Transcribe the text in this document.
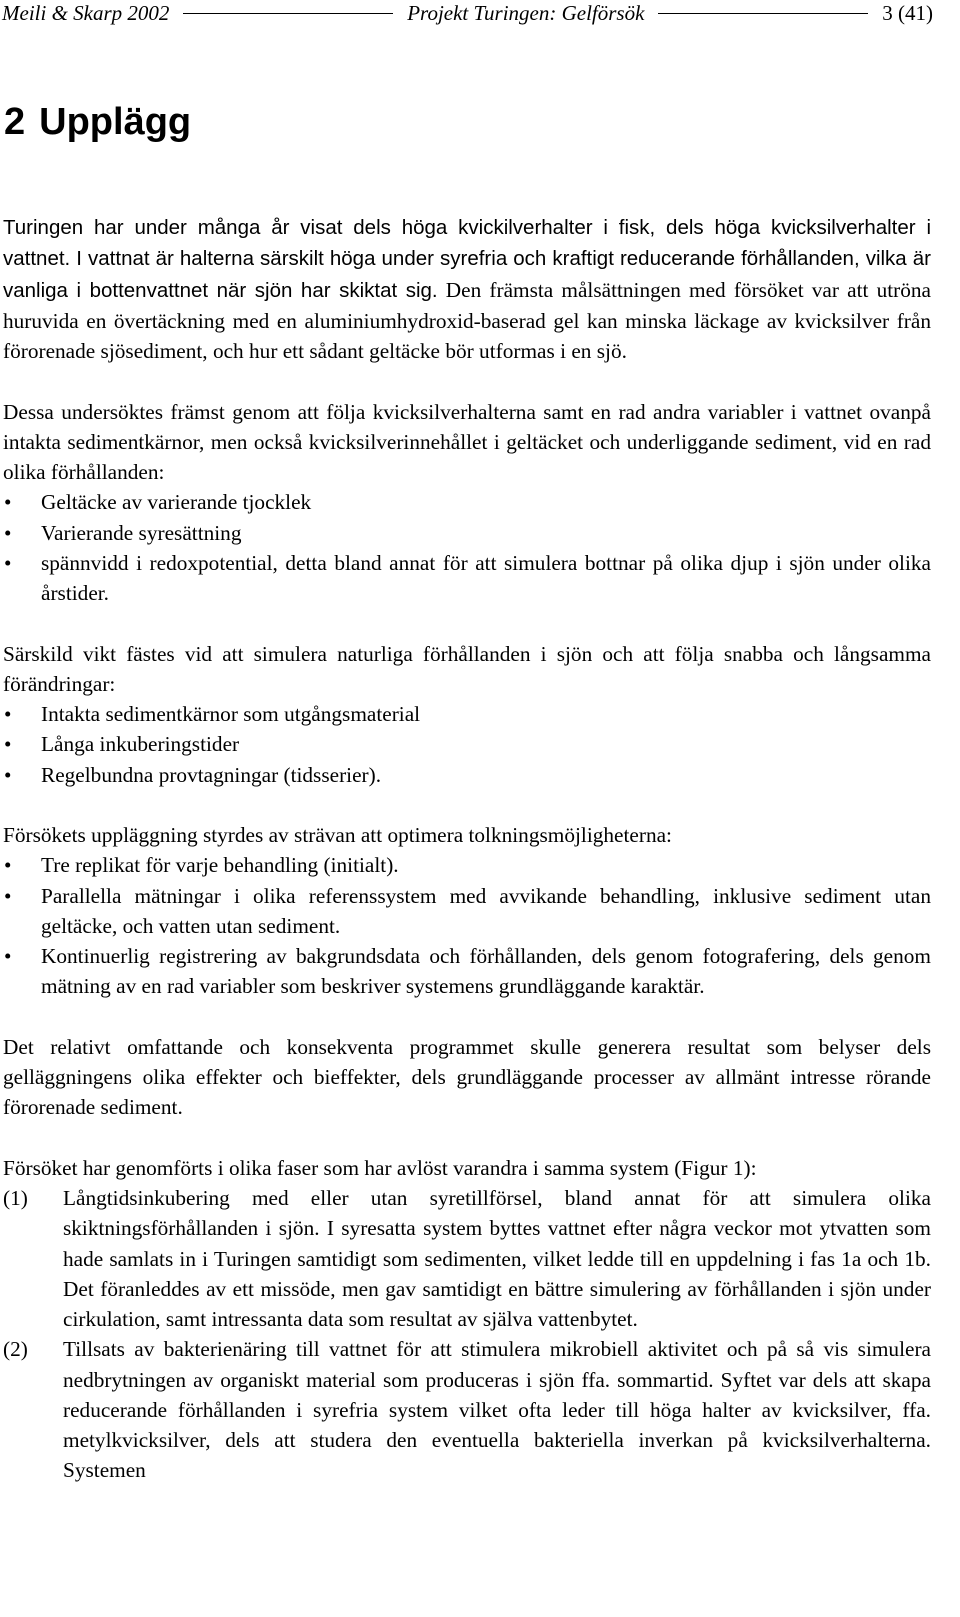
Meili & Skarp 2002	Projekt Turingen: Gelförsök	3 (41)
2 Upplägg

Turingen har under många år visat dels höga kvickilverhalter i fisk, dels höga kvicksilverhalter i vattnet. I vattnat är halterna särskilt höga under syrefria och kraftigt reducerande förhållanden, vilka är vanliga i bottenvattnet när sjön har skiktat sig. Den främsta målsättningen med försöket var att utröna huruvida en övertäckning med en aluminiumhydroxid-baserad gel kan minska läckage av kvicksilver från förorenade sjösediment, och hur ett sådant geltäcke bör utformas i en sjö.

Dessa undersöktes främst genom att följa kvicksilverhalterna samt en rad andra variabler i vattnet ovanpå intakta sedimentkärnor, men också kvicksilverinnehållet i geltäcket och underliggande sediment, vid en rad olika förhållanden:

• Geltäcke av varierande tjocklek
• Varierande syresättning
• spännvidd i redoxpotential, detta bland annat för att simulera bottnar på olika djup i sjön under olika årstider.

Särskild vikt fästes vid att simulera naturliga förhållanden i sjön och att följa snabba och långsamma förändringar:

• Intakta sedimentkärnor som utgångsmaterial
• Långa inkuberingstider
• Regelbundna provtagningar (tidsserier).

Försökets uppläggning styrdes av strävan att optimera tolkningsmöjligheterna:

• Tre replikat för varje behandling (initialt).
• Parallella mätningar i olika referenssystem med avvikande behandling, inklusive sediment utan geltäcke, och vatten utan sediment.
• Kontinuerlig registrering av bakgrundsdata och förhållanden, dels genom fotografering, dels genom mätning av en rad variabler som beskriver systemens grundläggande karaktär.

Det relativt omfattande och konsekventa programmet skulle generera resultat som belyser dels gelläggningens olika effekter och bieffekter, dels grundläggande processer av allmänt intresse rörande förorenade sediment.

Försöket har genomförts i olika faser som har avlöst varandra i samma system (Figur 1):

(1) Långtidsinkubering med eller utan syretillförsel, bland annat för att simulera olika skiktningsförhållanden i sjön. I syresatta system byttes vattnet efter några veckor mot ytvatten som hade samlats in i Turingen samtidigt som sedimenten, vilket ledde till en uppdelning i fas 1a och 1b. Det föranleddes av ett missöde, men gav samtidigt en bättre simulering av förhållanden i sjön under cirkulation, samt intressanta data som resultat av själva vattenbytet.
(2) Tillsats av bakterienäring till vattnet för att stimulera mikrobiell aktivitet och på så vis simulera nedbrytningen av organiskt material som produceras i sjön ffa. sommartid. Syftet var dels att skapa reducerande förhållanden i syrefria system vilket ofta leder till höga halter av kvicksilver, ffa. metylkvicksilver, dels att studera den eventuella bakteriella inverkan på kvicksilverhalterna. Systemen
